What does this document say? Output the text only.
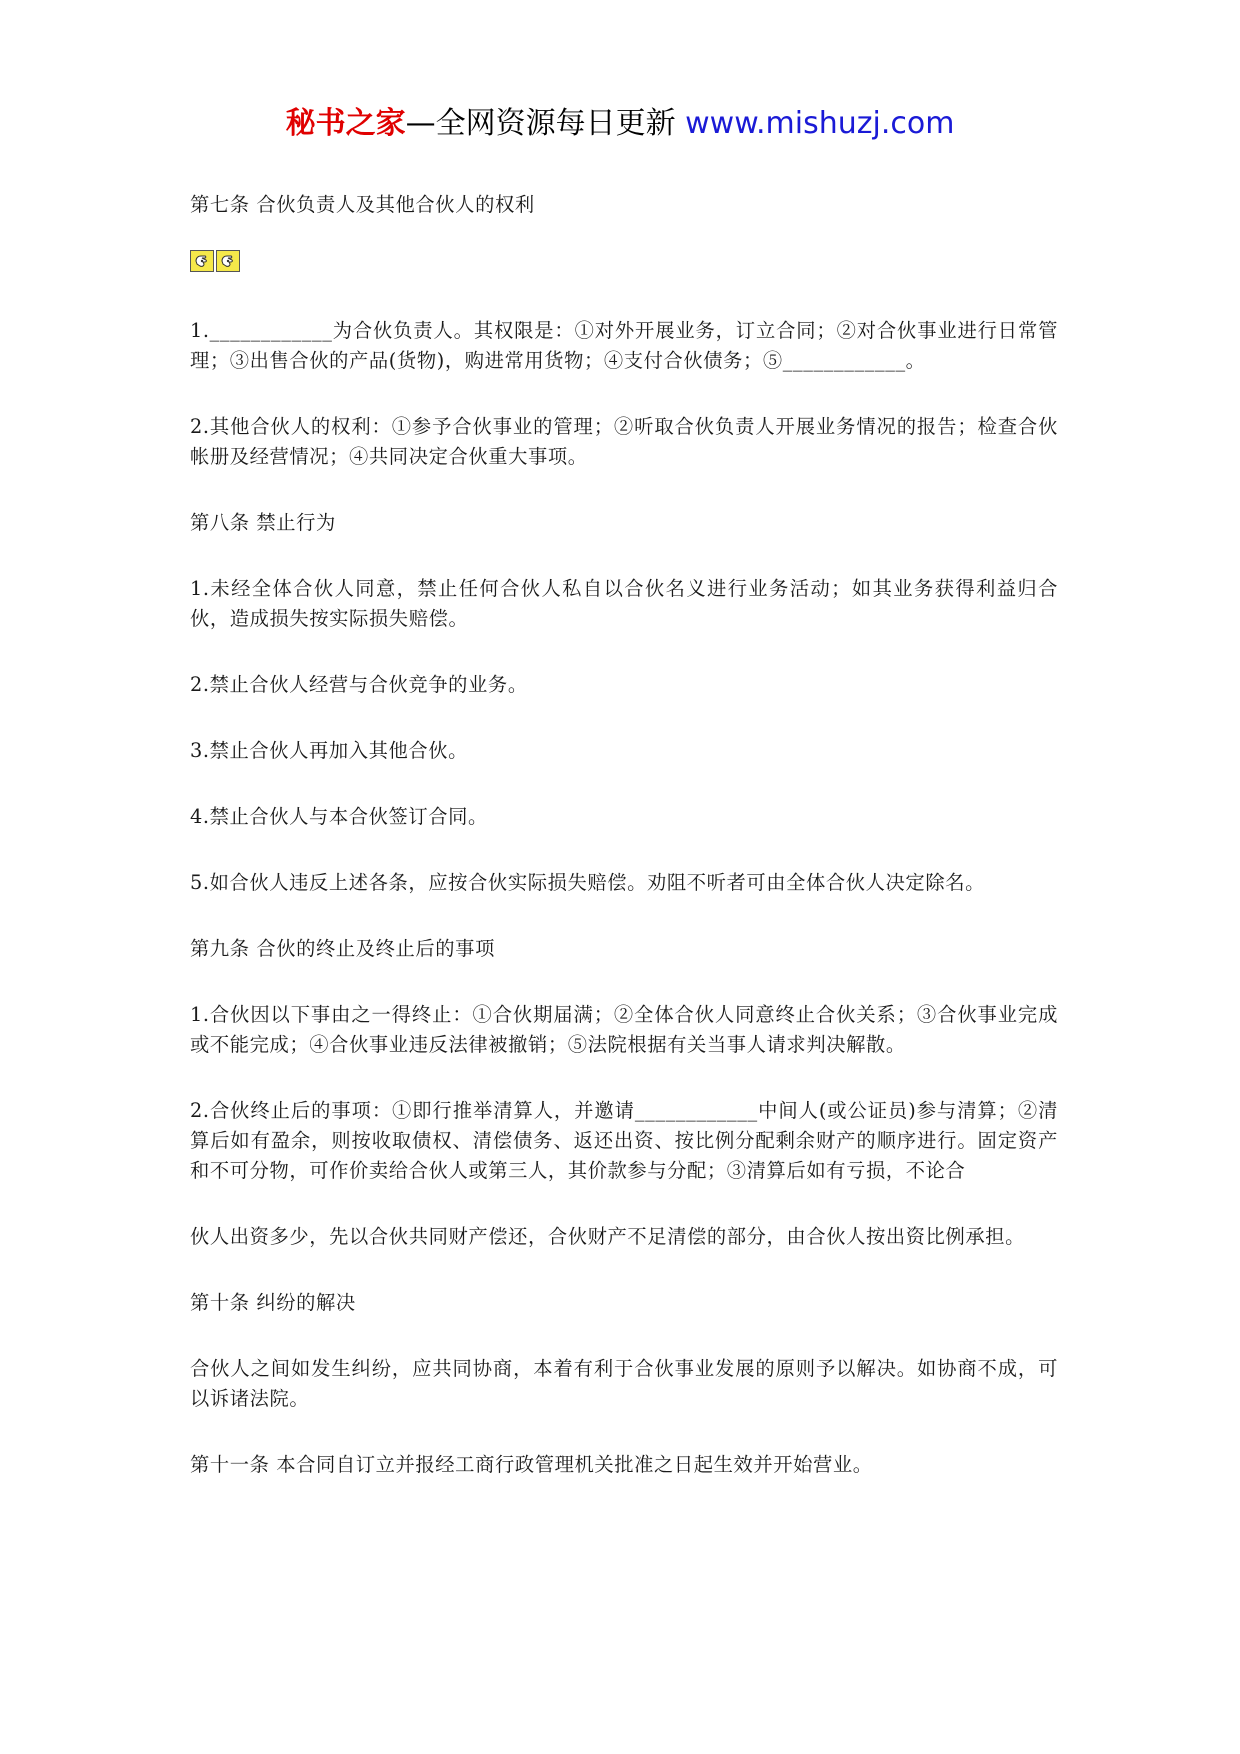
秘书之家—全网资源每日更新 www.mishuzj.com
第七条 合伙负责人及其他合伙人的权利

1.____________为合伙负责人。其权限是：①对外开展业务，订立合同；②对合伙事业进行日常管理；③出售合伙的产品(货物)，购进常用货物；④支付合伙债务；⑤____________。

2.其他合伙人的权利：①参予合伙事业的管理；②听取合伙负责人开展业务情况的报告；检查合伙帐册及经营情况；④共同决定合伙重大事项。

第八条 禁止行为

1.未经全体合伙人同意，禁止任何合伙人私自以合伙名义进行业务活动；如其业务获得利益归合伙，造成损失按实际损失赔偿。

2.禁止合伙人经营与合伙竞争的业务。

3.禁止合伙人再加入其他合伙。

4.禁止合伙人与本合伙签订合同。

5.如合伙人违反上述各条，应按合伙实际损失赔偿。劝阻不听者可由全体合伙人决定除名。

第九条 合伙的终止及终止后的事项

1.合伙因以下事由之一得终止：①合伙期届满；②全体合伙人同意终止合伙关系；③合伙事业完成或不能完成；④合伙事业违反法律被撤销；⑤法院根据有关当事人请求判决解散。

2.合伙终止后的事项：①即行推举清算人，并邀请____________中间人(或公证员)参与清算；②清算后如有盈余，则按收取债权、清偿债务、返还出资、按比例分配剩余财产的顺序进行。固定资产和不可分物，可作价卖给合伙人或第三人，其价款参与分配；③清算后如有亏损，不论合

伙人出资多少，先以合伙共同财产偿还，合伙财产不足清偿的部分，由合伙人按出资比例承担。

第十条 纠纷的解决

合伙人之间如发生纠纷，应共同协商，本着有利于合伙事业发展的原则予以解决。如协商不成，可以诉诸法院。

第十一条 本合同自订立并报经工商行政管理机关批准之日起生效并开始营业。
